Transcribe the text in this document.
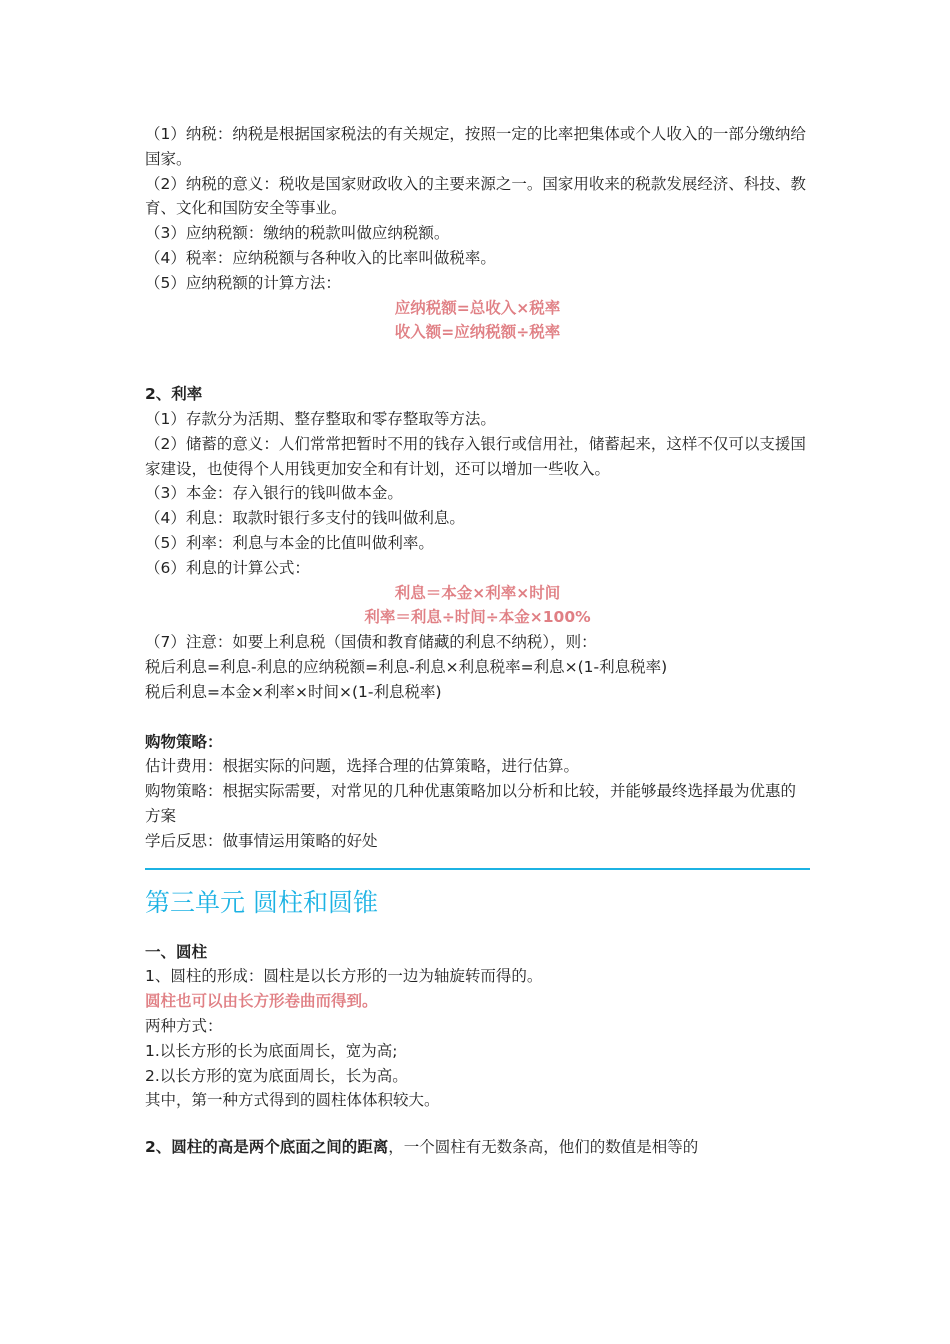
（1）纳税：纳税是根据国家税法的有关规定，按照一定的比率把集体或个人收入的一部分缴纳给国家。
（2）纳税的意义：税收是国家财政收入的主要来源之一。国家用收来的税款发展经济、科技、教育、文化和国防安全等事业。
（3）应纳税额：缴纳的税款叫做应纳税额。
（4）税率：应纳税额与各种收入的比率叫做税率。
（5）应纳税额的计算方法：
应纳税额=总收入×税率
收入额=应纳税额÷税率
2、利率
（1）存款分为活期、整存整取和零存整取等方法。
（2）储蓄的意义：人们常常把暂时不用的钱存入银行或信用社，储蓄起来，这样不仅可以支援国家建设，也使得个人用钱更加安全和有计划，还可以增加一些收入。
（3）本金：存入银行的钱叫做本金。
（4）利息：取款时银行多支付的钱叫做利息。
（5）利率：利息与本金的比值叫做利率。
（6）利息的计算公式：
利息＝本金×利率×时间
利率＝利息÷时间÷本金×100%
（7）注意：如要上利息税（国债和教育储藏的利息不纳税），则：
税后利息=利息-利息的应纳税额=利息-利息×利息税率=利息×(1-利息税率)
税后利息=本金×利率×时间×(1-利息税率)
购物策略：
估计费用：根据实际的问题，选择合理的估算策略，进行估算。
购物策略：根据实际需要，对常见的几种优惠策略加以分析和比较，并能够最终选择最为优惠的方案
学后反思：做事情运用策略的好处
第三单元 圆柱和圆锥
一、圆柱
1、圆柱的形成：圆柱是以长方形的一边为轴旋转而得的。
圆柱也可以由长方形卷曲而得到。
两种方式：
1.以长方形的长为底面周长，宽为高;
2.以长方形的宽为底面周长，长为高。
其中，第一种方式得到的圆柱体体积较大。
2、圆柱的高是两个底面之间的距离，一个圆柱有无数条高，他们的数值是相等的
